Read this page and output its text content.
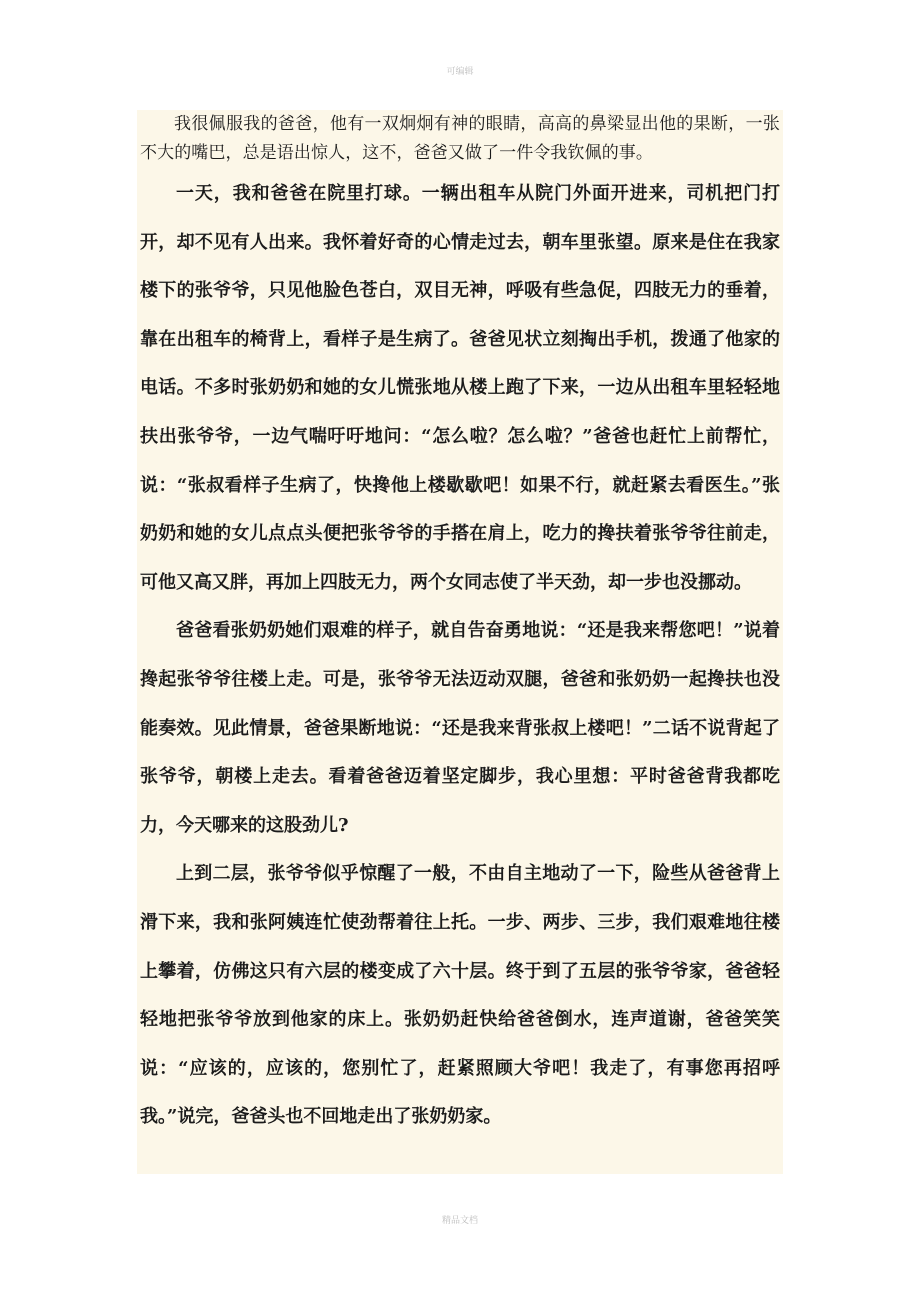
可编辑

我很佩服我的爸爸，他有一双炯炯有神的眼睛，高高的鼻梁显出他的果断，一张不大的嘴巴，总是语出惊人，这不，爸爸又做了一件令我钦佩的事。

一天，我和爸爸在院里打球。一辆出租车从院门外面开进来，司机把门打开，却不见有人出来。我怀着好奇的心情走过去，朝车里张望。原来是住在我家楼下的张爷爷，只见他脸色苍白，双目无神，呼吸有些急促，四肢无力的垂着，靠在出租车的椅背上，看样子是生病了。爸爸见状立刻掏出手机，拨通了他家的电话。不多时张奶奶和她的女儿慌张地从楼上跑了下来，一边从出租车里轻轻地扶出张爷爷，一边气喘吁吁地问：“怎么啦？怎么啦？”爸爸也赶忙上前帮忙，说：“张叔看样子生病了，快搀他上楼歇歇吧！如果不行，就赶紧去看医生。”张奶奶和她的女儿点点头便把张爷爷的手搭在肩上，吃力的搀扶着张爷爷往前走，可他又高又胖，再加上四肢无力，两个女同志使了半天劲，却一步也没挪动。

爸爸看张奶奶她们艰难的样子，就自告奋勇地说：“还是我来帮您吧！”说着搀起张爷爷往楼上走。可是，张爷爷无法迈动双腿，爸爸和张奶奶一起搀扶也没能奏效。见此情景，爸爸果断地说：“还是我来背张叔上楼吧！”二话不说背起了张爷爷，朝楼上走去。看着爸爸迈着坚定脚步，我心里想：平时爸爸背我都吃力，今天哪来的这股劲儿?

上到二层，张爷爷似乎惊醒了一般，不由自主地动了一下，险些从爸爸背上滑下来，我和张阿姨连忙使劲帮着往上托。一步、两步、三步，我们艰难地往楼上攀着，仿佛这只有六层的楼变成了六十层。终于到了五层的张爷爷家，爸爸轻轻地把张爷爷放到他家的床上。张奶奶赶快给爸爸倒水，连声道谢，爸爸笑笑说：“应该的，应该的，您别忙了，赶紧照顾大爷吧！我走了，有事您再招呼我。”说完，爸爸头也不回地走出了张奶奶家。

精品文档
